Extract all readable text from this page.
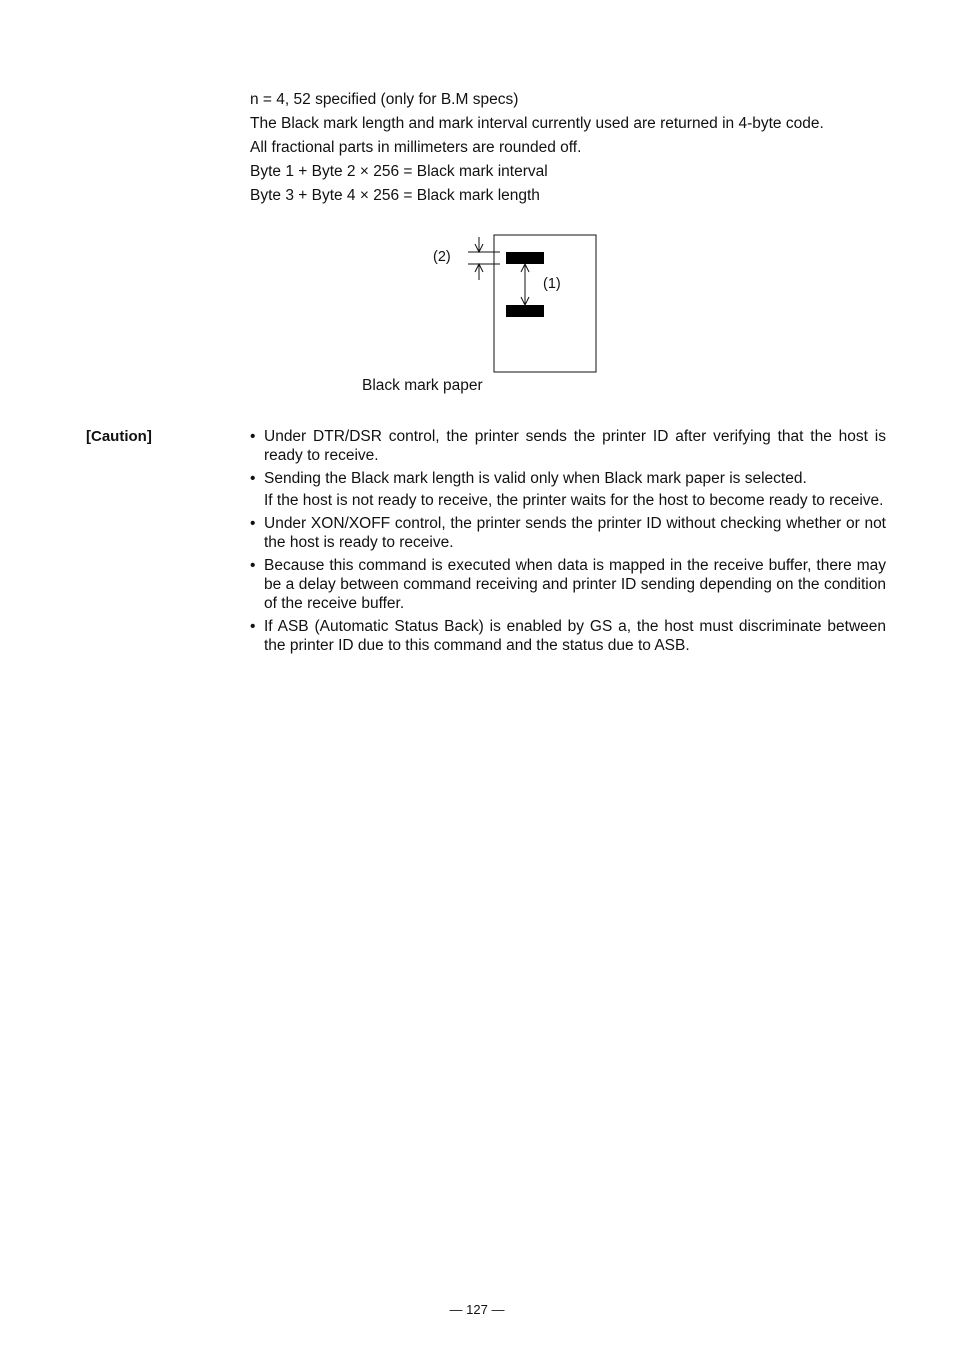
n = 4, 52 specified (only for B.M specs)

The Black mark length and mark interval currently used are returned in 4-byte code.

All fractional parts in millimeters are rounded off.

Byte 1 + Byte 2 × 256 = Black mark interval

Byte 3 + Byte 4 × 256 = Black mark length

(2)
(1)
Black mark paper
[Caution]	• Under DTR/DSR control, the printer sends the printer ID after verifying that the host is ready to receive.
• Sending the Black mark length is valid only when Black mark paper is selected.
If the host is not ready to receive, the printer waits for the host to become ready to receive.
• Under XON/XOFF control, the printer sends the printer ID without checking whether or not the host is ready to receive.
• Because this command is executed when data is mapped in the receive buffer, there may be a delay between command receiving and printer ID sending depending on the condition of the receive buffer.
• If ASB (Automatic Status Back) is enabled by GS a, the host must discriminate between the printer ID due to this command and the status due to ASB.
— 127 —
